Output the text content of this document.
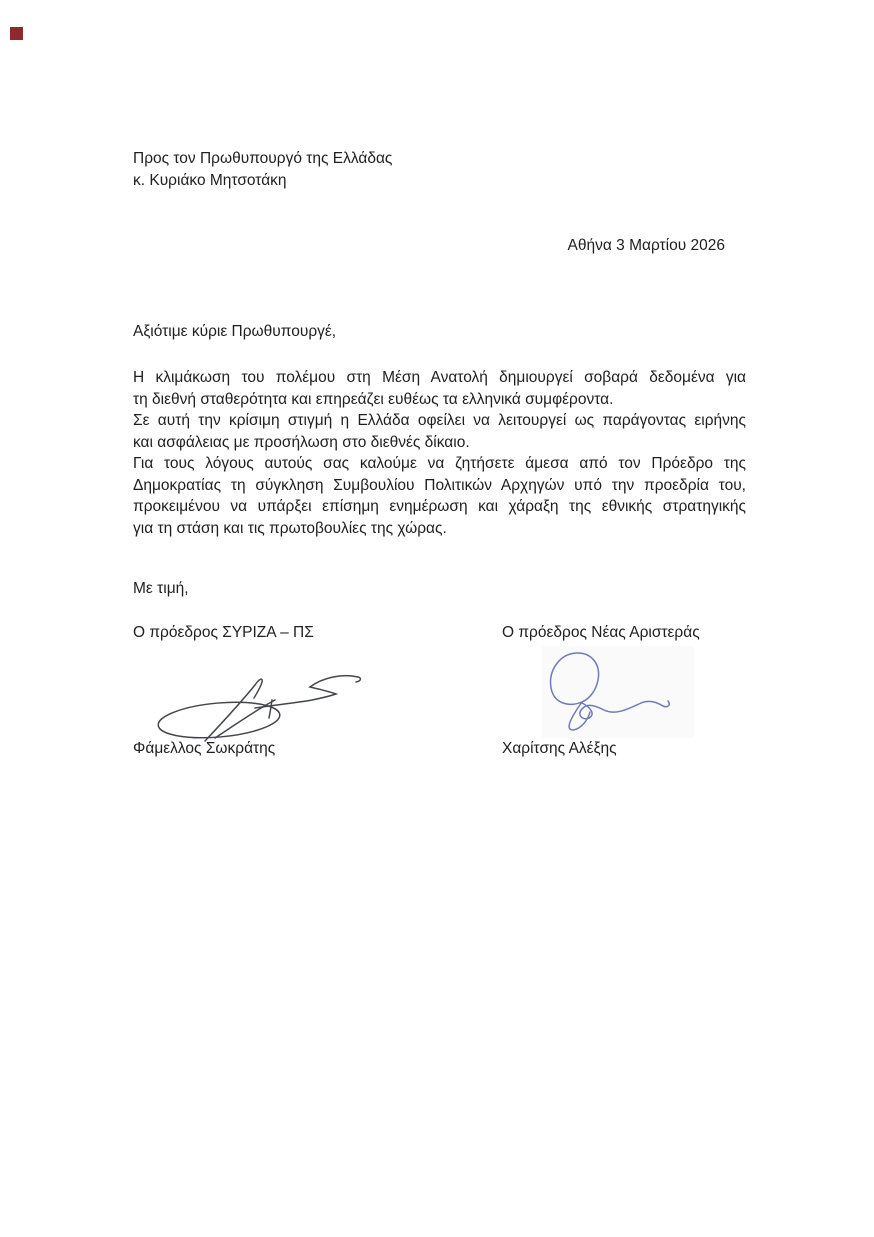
Προς τον Πρωθυπουργό της Ελλάδας
κ. Κυριάκο Μητσοτάκη
Αθήνα 3 Μαρτίου 2026
Αξιότιμε κύριε Πρωθυπουργέ,
Η κλιμάκωση του πολέμου στη Μέση Ανατολή δημιουργεί σοβαρά δεδομένα για
τη διεθνή σταθερότητα και επηρεάζει ευθέως τα ελληνικά συμφέροντα.
Σε αυτή την κρίσιμη στιγμή η Ελλάδα οφείλει να λειτουργεί ως παράγοντας ειρήνης
και ασφάλειας με προσήλωση στο διεθνές δίκαιο.
Για τους λόγους αυτούς σας καλούμε να ζητήσετε άμεσα από τον Πρόεδρο της
Δημοκρατίας τη σύγκληση Συμβουλίου Πολιτικών Αρχηγών υπό την προεδρία του,
προκειμένου να υπάρξει επίσημη ενημέρωση και χάραξη της εθνικής στρατηγικής
για τη στάση και τις πρωτοβουλίες της χώρας.
Με τιμή,
Ο πρόεδρος ΣΥΡΙΖΑ – ΠΣ	Ο πρόεδρος Νέας Αριστεράς
Φάμελλος Σωκράτης	Χαρίτσης Αλέξης
